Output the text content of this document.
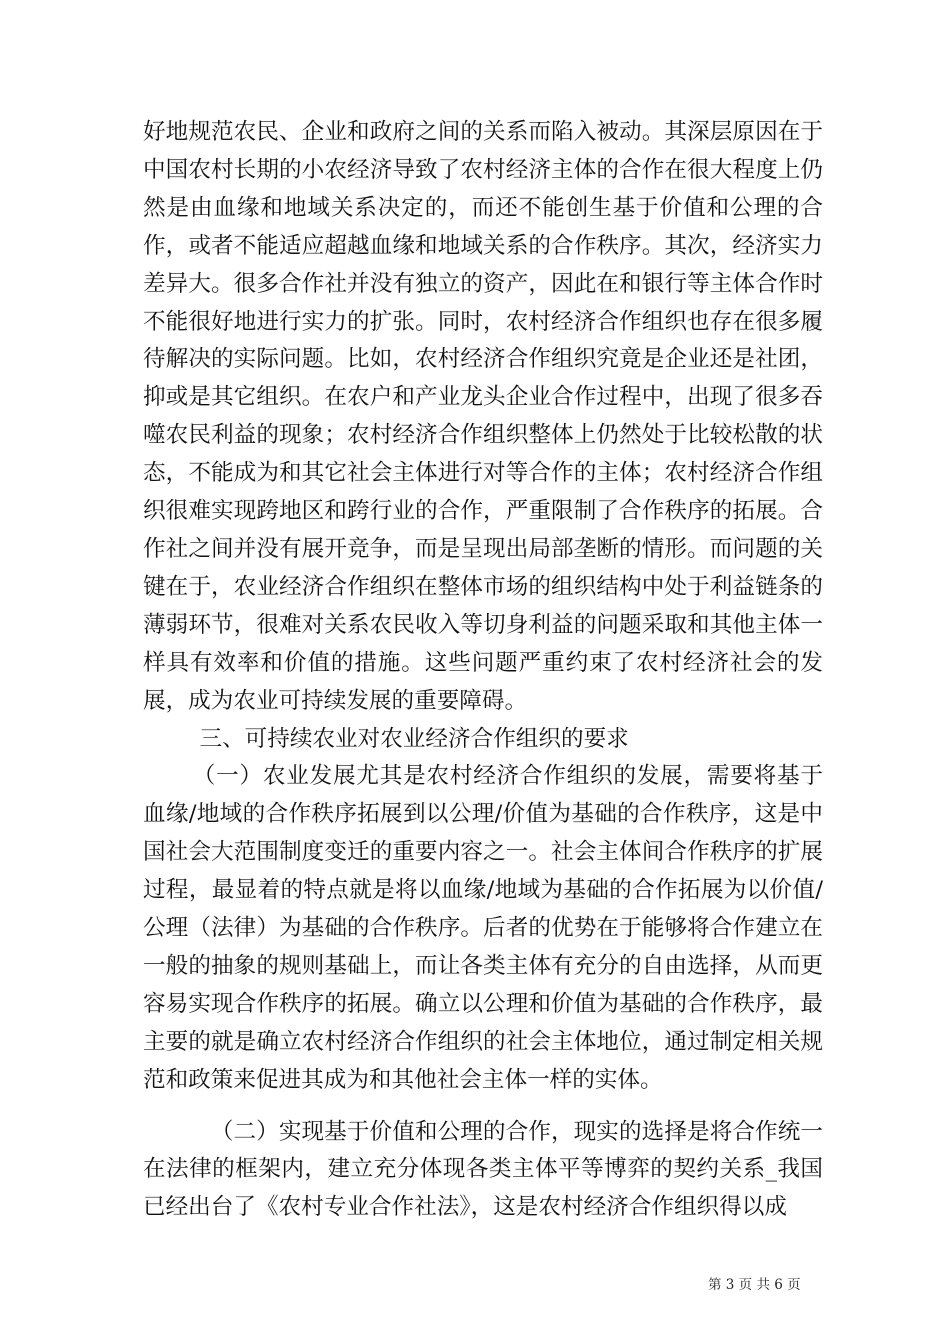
好地规范农民、企业和政府之间的关系而陷入被动。其深层原因在于中国农村长期的小农经济导致了农村经济主体的合作在很大程度上仍然是由血缘和地域关系决定的，而还不能创生基于价值和公理的合作，或者不能适应超越血缘和地域关系的合作秩序。其次，经济实力差异大。很多合作社并没有独立的资产，因此在和银行等主体合作时不能很好地进行实力的扩张。同时，农村经济合作组织也存在很多履待解决的实际问题。比如，农村经济合作组织究竟是企业还是社团，抑或是其它组织。在农户和产业龙头企业合作过程中，出现了很多吞噬农民利益的现象；农村经济合作组织整体上仍然处于比较松散的状态，不能成为和其它社会主体进行对等合作的主体；农村经济合作组织很难实现跨地区和跨行业的合作，严重限制了合作秩序的拓展。合作社之间并没有展开竞争，而是呈现出局部垄断的情形。而问题的关键在于，农业经济合作组织在整体市场的组织结构中处于利益链条的薄弱环节，很难对关系农民收入等切身利益的问题采取和其他主体一样具有效率和价值的措施。这些问题严重约束了农村经济社会的发展，成为农业可持续发展的重要障碍。

三、可持续农业对农业经济合作组织的要求

（一）农业发展尤其是农村经济合作组织的发展，需要将基于血缘/地域的合作秩序拓展到以公理/价值为基础的合作秩序，这是中国社会大范围制度变迁的重要内容之一。社会主体间合作秩序的扩展过程，最显着的特点就是将以血缘/地域为基础的合作拓展为以价值/公理（法律）为基础的合作秩序。后者的优势在于能够将合作建立在一般的抽象的规则基础上，而让各类主体有充分的自由选择，从而更容易实现合作秩序的拓展。确立以公理和价值为基础的合作秩序，最主要的就是确立农村经济合作组织的社会主体地位，通过制定相关规范和政策来促进其成为和其他社会主体一样的实体。

（二）实现基于价值和公理的合作，现实的选择是将合作统一在法律的框架内，建立充分体现各类主体平等博弈的契约关系_我国已经出台了《农村专业合作社法》，这是农村经济合作组织得以成

第 3 页 共 6 页
